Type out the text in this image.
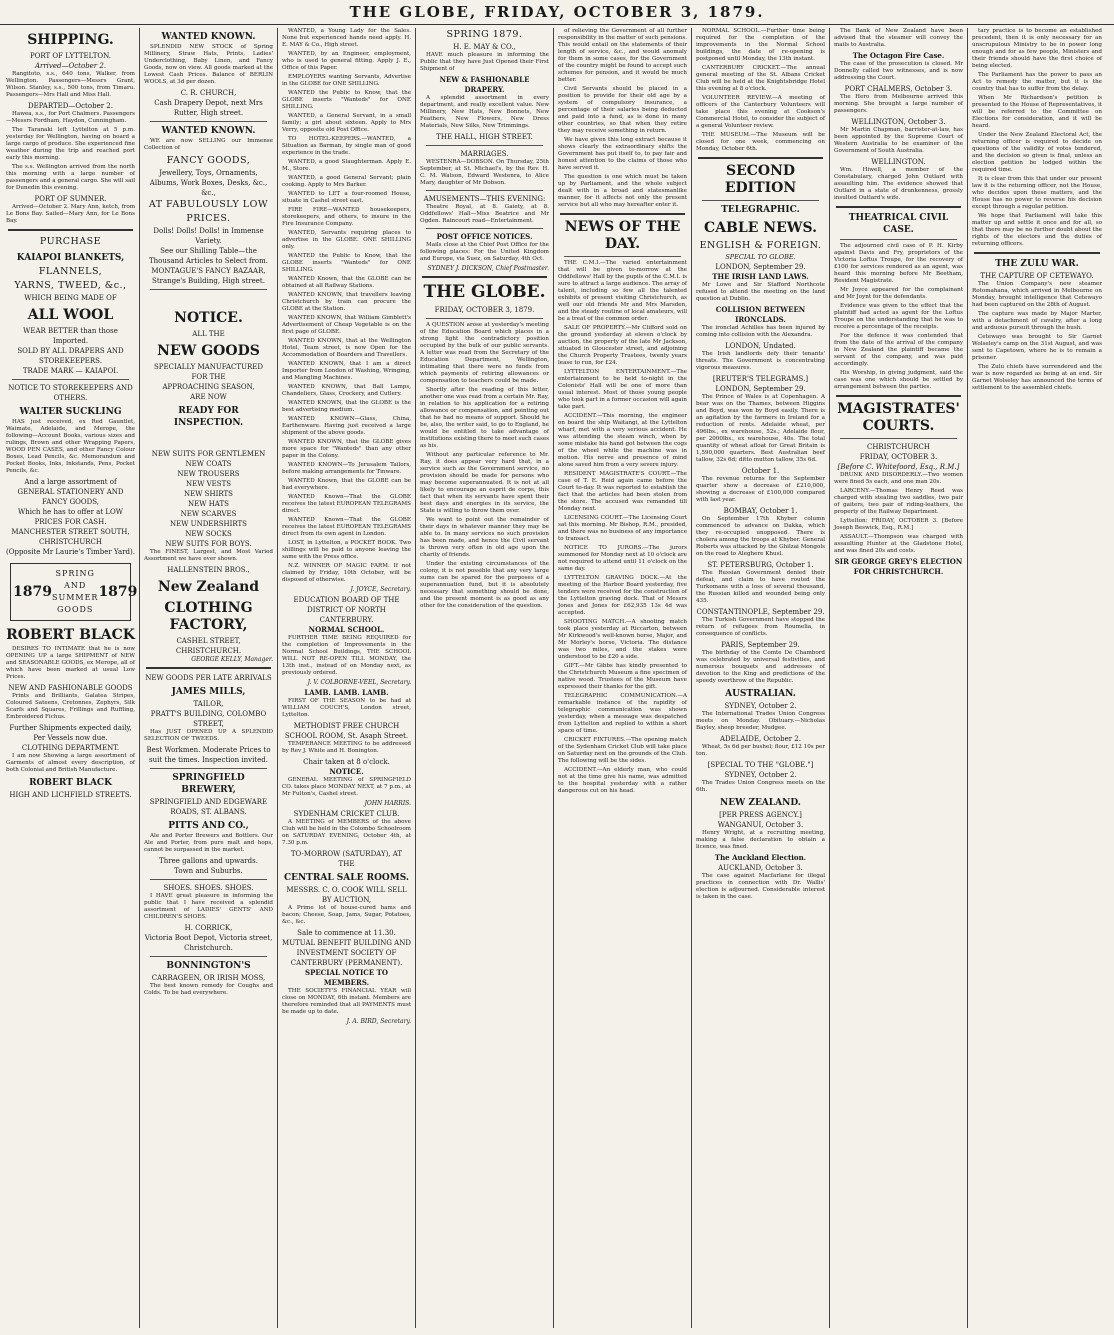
THE GLOBE, FRIDAY, OCTOBER 3, 1879.
SHIPPING.
PORT OF LYTTELTON.
Arrived—October 2.

Rangitoto, s.s., 640 tons, Walker, from Wellington. Passengers—Messrs Grant, Wilson. Stanley, s.s., 500 tons, from Timaru. Passengers—Mrs Hall and Miss Hall.

DEPARTED—October 2.

Hawea, s.s., for Port Chalmers. Passengers—Messrs Fordham, Haydon, Cunningham.

The Taranaki left Lyttelton at 5 p.m. yesterday for Wellington, having on board a large cargo of produce. She experienced fine weather during the trip and reached port early this morning.

The s.s. Wellington arrived from the north this morning with a large number of passengers and a general cargo. She will sail for Dunedin this evening.

PORT OF SUMNER.

Arrived—October 2. Mary Ann, ketch, from Le Bons Bay. Sailed—Mary Ann, for Le Bons Bay.

PURCHASE
KAIAPOI BLANKETS,
FLANNELS,
YARNS, TWEED, &c.,
WHICH BEING MADE OF
ALL WOOL
WEAR BETTER than those Imported.
SOLD BY ALL DRAPERS AND STOREKEEPERS.
TRADE MARK — KAIAPOI.
NOTICE TO STOREKEEPERS AND OTHERS.
WALTER SUCKLING

HAS just received, ex Red Gauntlet, Waimate, Adelaide, and Merope, the following—Account Books, various sizes and rulings, Brown and other Wrapping Papers, WOOD PEN CASES, and other Fancy Colour Boxes, Lead Pencils, &c. Memorandum and Pocket Books, Inks, Inkstands, Pens, Pocket Pencils, &c.

And a large assortment of GENERAL STATIONERY AND FANCY GOODS,
Which he has to offer at LOW PRICES FOR CASH.
MANCHESTER STREET SOUTH,
CHRISTCHURCH
(Opposite Mr Laurie's Timber Yard).
1879
SPRING
AND
SUMMER
GOODS
1879
ROBERT BLACK

DESIRES TO INTIMATE that he is now OPENING UP a large SHIPMENT of NEW and SEASONABLE GOODS, ex Merope, all of which have been marked at usual Low Prices.

NEW AND FASHIONABLE GOODS

Prints and Brilliants, Galatea Stripes, Coloured Sateens, Cretonnes, Zephyrs, Silk Scarfs and Squares, Frillings and Ruffling, Embroidered Fichus.

Further Shipments expected daily, Per Vessels now due.
CLOTHING DEPARTMENT.

I am now Showing a large assortment of Garments of almost every description, of both Colonial and British Manufacture.

ROBERT BLACK
HIGH AND LICHFIELD STREETS.
WANTED KNOWN.

SPLENDID NEW STOCK of Spring Millinery, Straw Hats, Prints, Ladies' Underclothing, Baby Linen, and Fancy Goods, now on view. All goods marked at the Lowest Cash Prices. Balance of BERLIN WOOLS, at 3d per dozen.

C. R. CHURCH,
Cash Drapery Depot, next Mrs Rutter, High street.
WANTED KNOWN.

WE are now SELLING our Immense Collection of

FANCY GOODS,
Jewellery, Toys, Ornaments, Albums, Work Boxes, Desks, &c., &c.,
AT FABULOUSLY LOW PRICES.
Dolls! Dolls! Dolls! in Immense Variety.
See our Shilling Table—the Thousand Articles to Select from.
MONTAGUE'S FANCY BAZAAR,
Strange's Building, High street.
NOTICE.
ALL THE
NEW GOODS
SPECIALLY MANUFACTURED
FOR THE
APPROACHING SEASON,
ARE NOW
READY FOR INSPECTION.
NEW SUITS FOR GENTLEMEN
NEW COATS
NEW TROUSERS
NEW VESTS
NEW SHIRTS
NEW HATS
NEW SCARVES
NEW UNDERSHIRTS
NEW SOCKS
NEW SUITS FOR BOYS.

The FINEST, Largest, and Most Varied Assortment we have ever shown.

HALLENSTEIN BROS.,
New Zealand
CLOTHING FACTORY,
CASHEL STREET, CHRISTCHURCH.
GEORGE KELLY, Manager.
NEW GOODS PER LATE ARRIVALS
JAMES MILLS,
TAILOR,
PRATT'S BUILDING, COLOMBO STREET,

Has JUST OPENED UP A SPLENDID SELECTION OF TWEEDS.

Best Workmen. Moderate Prices to suit the times. Inspection invited.
SPRINGFIELD BREWERY,
SPRINGFIELD AND EDGEWARE ROADS, ST. ALBANS.
PITTS AND CO.,

Ale and Porter Brewers and Bottlers. Our Ale and Porter, from pure malt and hops, cannot be surpassed in the market.

Three gallons and upwards.
Town and Suburbs.
SHOES. SHOES. SHOES.

I HAVE great pleasure in informing the public that I have received a splendid assortment of LADIES' GENTS' AND CHILDREN'S SHOES.

H. CORRICK,
Victoria Boot Depot, Victoria street, Christchurch.
BONNINGTON'S
CARRAGEEN, OR IRISH MOSS,

The best known remedy for Coughs and Colds. To be had everywhere.

WANTED, a Young Lady for the Sales. None but experienced hands need apply. H. E. MAY & Co., High street.

WANTED, by an Engineer, employment, who is used to general fitting. Apply J. E., Office of this Paper.

EMPLOYERS wanting Servants, Advertise in the GLOBE for ONE SHILLING.

WANTED the Public to Know, that the GLOBE inserts "Wanteds" for ONE SHILLING.

WANTED, a General Servant, in a small family; a girl about sixteen. Apply to Mrs Verry, opposite old Post Office.

TO HOTEL-KEEPERS.—WANTED, a Situation as Barman, by single man of good experience in the trade.

WANTED, a good Slaughterman. Apply E. M., Store.

WANTED, a good General Servant; plain cooking. Apply to Mrs Barker.

WANTED to LET a four-roomed House, situate in Cashel street east.

FIRE FIRE—WANTED housekeepers, storekeepers, and others, to insure in the Fire Insurance Company.

WANTED, Servants requiring places to advertise in the GLOBE. ONE SHILLING only.

WANTED the Public to Know, that the GLOBE inserts "Wanteds" for ONE SHILLING.

WANTED Known, that the GLOBE can be obtained at all Railway Stations.

WANTED KNOWN, that travellers leaving Christchurch by train can procure the GLOBE at the Station.

WANTED KNOWN, that William Gimblett's Advertisement of Cheap Vegetable is on the first page of GLOBE.

WANTED KNOWN, that at the Wellington Hotel, Team street, is now Open for the Accommodation of Boarders and Travellers.

WANTED KNOWN, that I am a direct Importer from London of Washing, Wringing, and Mangling Machines.

WANTED KNOWN, that Ball Lamps, Chandeliers, Glass, Crockery, and Cutlery.

WANTED KNOWN, that the GLOBE is the best advertising medium.

WANTED KNOWN—Glass, China, Earthenware. Having just received a large shipment of the above goods.

WANTED KNOWN, that the GLOBE gives more space for "Wanteds" than any other paper in the Colony.

WANTED KNOWN—To Jerusalem Tailors, before making arrangements for Tinware.

WANTED Known, that the GLOBE can be had everywhere.

WANTED Known—That the GLOBE receives the latest EUROPEAN TELEGRAMS direct.

WANTED Known—That the GLOBE receives the latest EUROPEAN TELEGRAMS direct from its own agent in London.

LOST, in Lyttelton, a POCKET BOOK. Two shillings will be paid to anyone leaving the same with the Press office.

N.Z. WINNER OF MAGIC FARM. If not claimed by Friday, 10th October, will be disposed of otherwise.

J. JOYCE, Secretary.
EDUCATION BOARD OF THE DISTRICT OF NORTH CANTERBURY.
NORMAL SCHOOL.

FURTHER TIME BEING REQUIRED for the completion of Improvements in the Normal School Buildings, THE SCHOOL WILL NOT RE-OPEN TILL MONDAY, the 13th inst., instead of on Monday next, as previously ordered.

J. V. COLBORNE-VEEL, Secretary.
LAMB. LAMB. LAMB.

FIRST OF THE SEASON to be had at WILLIAM COUCH'S, London street, Lyttelton.

METHODIST FREE CHURCH SCHOOL ROOM, St. Asaph Street.

TEMPERANCE MEETING to be addressed by Rev J. White and H. Bonington.

Chair taken at 8 o'clock.
NOTICE.

GENERAL MEETING of SPRINGFIELD CO. takes place MONDAY NEXT, at 7 p.m., at Mr Fulton's, Cashel street.

JOHN HARRIS.
SYDENHAM CRICKET CLUB.

A MEETING of MEMBERS of the above Club will be held in the Colombo Schoolroom on SATURDAY EVENING, October 4th, at 7.30 p.m.

TO-MORROW (SATURDAY), AT THE
CENTRAL SALE ROOMS.
MESSRS. C. O. COOK WILL SELL BY AUCTION,

A Prime lot of house-cured hams and bacon; Cheese, Soap, Jams, Sugar, Potatoes, &c., &c.

Sale to commence at 11.30.
MUTUAL BENEFIT BUILDING AND INVESTMENT SOCIETY OF CANTERBURY (PERMANENT).
SPECIAL NOTICE TO MEMBERS.

THE SOCIETY'S FINANCIAL YEAR will close on MONDAY, 6th instant. Members are therefore reminded that all PAYMENTS must be made up to date.

J. A. BIRD, Secretary.
SPRING 1879.
H. E. MAY & CO.,

HAVE much pleasure in informing the Public that they have Just Opened their First Shipment of

NEW & FASHIONABLE DRAPERY.

A splendid assortment in every department, and really excellent value. New Millinery, New Hats, New Bonnets, New Feathers, New Flowers, New Dress Materials, New Silks, New Trimmings.

THE HALL, HIGH STREET.
MARRIAGES.

WESTENRA—DOBSON. On Thursday, 25th September, at St. Michael's, by the Rev. H. C. M. Watson, Edward Westenra, to Alice Mary, daughter of Mr Dobson.

AMUSEMENTS—THIS EVENING:

Theatre Royal, at 8. Gaiety, at 8. Oddfellows' Hall—Miss Beatrice and Mr Ogden. Raincourt road—Entertainment.

POST OFFICE NOTICES.

Mails close at the Chief Post Office for the following places: For the United Kingdom and Europe, via Suez, on Saturday, 4th Oct.

SYDNEY J. DICKSON, Chief Postmaster.
THE GLOBE.
FRIDAY, OCTOBER 3, 1879.

A QUESTION arose at yesterday's meeting of the Education Board which places in a strong light the contradictory position occupied by the bulk of our public servants. A letter was read from the Secretary of the Education Department, Wellington, intimating that there were no funds from which payments of retiring allowances or compensation to teachers could be made.

Shortly after the reading of this letter, another one was read from a certain Mr. Ray, in relation to his application for a retiring allowance or compensation, and pointing out that he had no means of support. Should he be, also, the writer said, to go to England, he would be entitled to take advantage of institutions existing there to meet such cases as his.

Without any particular reference to Mr. Ray, it does appear very hard that, in a service such as the Government service, no provision should be made for persons who may become superannuated. It is not at all likely to encourage an esprit de corps, this fact that when its servants have spent their best days and energies in its service, the State is willing to throw them over.

We want to point out the remainder of their days in whatever manner they may be able to. In many services no such provision has been made, and hence the Civil servant is thrown very often in old age upon the charity of friends.

Under the existing circumstances of the colony, it is not possible that any very large sums can be spared for the purposes of a superannuation fund, but it is absolutely necessary that something should be done, and the present moment is as good as any other for the consideration of the question.

of relieving the Government of all further responsibility in the matter of such pensions. This would entail on the statements of their length of service, &c., and would anomaly for them in some cases, for the Government of the country might be found to accept such schemes for pension, and it would be much better.

Civil Servants should be placed in a position to provide for their old age by a system of compulsory insurance, a percentage of their salaries being deducted and paid into a fund, as is done in many other countries, so that when they retire they may receive something in return.

We have given this long extract because it shows clearly the extraordinary shifts the Government has put itself to, to pay fair and honest attention to the claims of those who have served it.

The question is one which must be taken up by Parliament, and the whole subject dealt with in a broad and statesmanlike manner, for it affects not only the present service but all who may hereafter enter it.

NEWS OF THE DAY.

THE C.M.I.—The varied entertainment that will be given to-morrow at the Oddfellows' Hall by the pupils of the C.M.I. is sure to attract a large audience. The array of talent, including so few all the talented exhibits of present visiting Christchurch, as well our old friends Mr and Mrs Marsden, and the steady routine of local amateurs, will be a treat of the common order.

SALE OF PROPERTY.—Mr Clifford sold on the ground yesterday at eleven o'clock by auction, the property of the late Mr Jackson, situated in Gloucester street, and adjoining the Church Property Trustees, twenty years lease to run, for £24.

LYTTELTON ENTERTAINMENT.—The entertainment to be held to-night in the Colonists' Hall will be one of more than usual interest. Most of those young people who took part in a former occasion will again take part.

ACCIDENT.—This morning, the engineer on board the ship Waitangi, at the Lyttelton wharf, met with a very serious accident. He was attending the steam winch, when by some mistake his hand got between the cogs of the wheel while the machine was in motion. His nerve and presence of mind alone saved him from a very severe injury.

RESIDENT MAGISTRATE'S COURT.—The case of T. E. Reid again came before the Court to-day. It was reported to establish the fact that the articles had been stolen from the store. The accused was remanded till Monday next.

LICENSING COURT.—The Licensing Court sat this morning. Mr Bishop, R.M., presided, and there was no business of any importance to transact.

NOTICE TO JURORS.—The jurors summoned for Monday next at 10 o'clock are not required to attend until 11 o'clock on the same day.

LYTTELTON GRAVING DOCK.—At the meeting of the Harbor Board yesterday, five tenders were received for the construction of the Lyttelton graving dock. That of Messrs Jones and Jones for £62,935 13s 4d was accepted.

SHOOTING MATCH.—A shooting match took place yesterday at Riccarton, between Mr Kirkwood's well-known horse, Major, and Mr Morley's horse, Victoria. The distance was two miles, and the stakes were understood to be £20 a side.

GIFT.—Mr Gibbs has kindly presented to the Christchurch Museum a fine specimen of native wood. Trustees of the Museum have expressed their thanks for the gift.

TELEGRAPHIC COMMUNICATION.—A remarkable instance of the rapidity of telegraphic communication was shown yesterday, when a message was despatched from Lyttelton and replied to within a short space of time.

CRICKET FIXTURES.—The opening match of the Sydenham Cricket Club will take place on Saturday next on the grounds of the Club. The following will be the sides.

ACCIDENT.—An elderly man, who could not at the time give his name, was admitted to the hospital yesterday with a rather dangerous cut on his head.

NORMAL SCHOOL.—Further time being required for the completion of the improvements in the Normal School buildings, the date of re-opening is postponed until Monday, the 13th instant.

CANTERBURY CRICKET.—The annual general meeting of the St. Albans Cricket Club will be held at the Knightsbridge Hotel this evening at 8 o'clock.

VOLUNTEER REVIEW.—A meeting of officers of the Canterbury Volunteers will take place this evening at Cookson's Commercial Hotel, to consider the subject of a general Volunteer review.

THE MUSEUM.—The Museum will be closed for one week, commencing on Monday, October 6th.

SECOND EDITION
TELEGRAPHIC.
CABLE NEWS.
ENGLISH & FOREIGN.
SPECIAL TO GLOBE.
LONDON, September 29.
THE IRISH LAND LAWS.

Mr Lowe and Sir Stafford Northcote refused to attend the meeting on the land question at Dublin.

COLLISION BETWEEN IRONCLADS.

The ironclad Achilles has been injured by coming into collision with the Alexandra.

LONDON, Undated.

The Irish landlords defy their tenants' threats. The Government is concentrating vigorous measures.

[REUTER'S TELEGRAMS.]
LONDON, September 29.

The Prince of Wales is at Copenhagen. A bear was on the Thames, between Higgins and Boyd, was won by Boyd easily. There is an agitation by the farmers in Ireland for a reduction of rents. Adelaide wheat, per 496lbs., ex warehouse, 52s.; Adelaide flour, per 2000lbs., ex warehouse, 40s. The total quantity of wheat afloat for Great Britain is 1,590,000 quarters. Best Australian beef tallow, 32s 6d; ditto mutton tallow, 35s 6d.

October 1.

The revenue returns for the September quarter show a decrease of £210,000, showing a decrease of £100,000 compared with last year.

BOMBAY, October 1.

On September 17th Khyber column commenced to advance on Dakka, which they re-occupied unopposed. There is cholera among the troops at Khyber. General Roberts was attacked by the Ghilzai Mongols on the road to Aleghere Khusl.

ST. PETERSBURG, October 1.

The Russian Government denied their defeat, and claim to have routed the Turkomans with a loss of several thousand, the Russian killed and wounded being only 435.

CONSTANTINOPLE, September 29.

The Turkish Government have stopped the return of refugees from Roumelia, in consequence of conflicts.

PARIS, September 29.

The birthday of the Comte De Chambord was celebrated by universal festivities, and numerous bouquets and addresses of devotion to the King and predictions of the speedy overthrow of the Republic.

AUSTRALIAN.
SYDNEY, October 2.

The International Trades Union Congress meets on Monday. Obituary.—Nicholas Bayley, sheep breeder, Mudgee.

ADELAIDE, October 2.

Wheat, 5s 6d per bushel; flour, £12 10s per ton.

[SPECIAL TO THE "GLOBE."]
SYDNEY, October 2.

The Trades Union Congress meets on the 6th.

NEW ZEALAND.
[PER PRESS AGENCY.]
WANGANUI, October 3.

Henry Wright, at a recruiting meeting, making a false declaration to obtain a licence, was fined.

The Auckland Election.
AUCKLAND, October 3.

The case against Macfarlane for illegal practices in connection with Dr. Wallis' election is adjourned. Considerable interest is taken in the case.

The Bank of New Zealand have been advised that the steamer will convey the mails to Australia.

The Octagon Fire Case.

The case of the prosecution is closed. Mr Donnelly called two witnesses, and is now addressing the Court.

PORT CHALMERS, October 3.

The Hero from Melbourne arrived this morning. She brought a large number of passengers.

WELLINGTON, October 3.

Mr Martin Chapman, barrister-at-law, has been appointed by the Supreme Court of Western Australia to be examiner of the Government of South Australia.

WELLINGTON.

Wm. Hiwell, a member of the Constabulary, charged John Outlard with assaulting him. The evidence showed that Outlard in a state of drunkenness, grossly insulted Outlard's wife.

THEATRICAL CIVIL CASE.

The adjourned civil case of P. H. Kirby against Davis and Fry, proprietors of the Victoria Loftus Troupe, for the recovery of £100 for services rendered as an agent, was heard this morning before Mr Beetham, Resident Magistrate.

Mr Joyce appeared for the complainant and Mr Joynt for the defendants.

Evidence was given to the effect that the plaintiff had acted as agent for the Loftus Troupe on the understanding that he was to receive a percentage of the receipts.

For the defence it was contended that from the date of the arrival of the company in New Zealand the plaintiff became the servant of the company, and was paid accordingly.

His Worship, in giving judgment, said the case was one which should be settled by arrangement between the parties.

MAGISTRATES' COURTS.
CHRISTCHURCH
FRIDAY, OCTOBER 3.
[Before C. Whitefoord, Esq., R.M.]

DRUNK AND DISORDERLY.—Two women were fined 5s each, and one man 20s.

LARCENY.—Thomas Henry Reed was charged with stealing two saddles, two pair of gaiters, two pair of riding-leathers, the property of the Railway Department.

Lyttelton: FRIDAY, OCTOBER 3. [Before Joseph Beswick, Esq., R.M.]

ASSAULT.—Thompson was charged with assaulting Hunter at the Gladstone Hotel, and was fined 20s and costs.

SIR GEORGE GREY'S ELECTION FOR CHRISTCHURCH.

tary practice is to become an established precedent, then it is only necessary for an unscrupulous Ministry to be in power long enough and for as few people, Ministers and their friends should have the first choice of being elected.

The Parliament has the power to pass an Act to remedy the matter, but it is the country that has to suffer from the delay.

When Mr Richardson's petition is presented to the House of Representatives, it will be referred to the Committee on Elections for consideration, and it will be heard.

Under the New Zealand Electoral Act, the returning officer is required to decide on questions of the validity of votes tendered, and the decision so given is final, unless an election petition be lodged within the required time.

It is clear from this that under our present law it is the returning officer, not the House, who decides upon these matters, and the House has no power to reverse his decision except through a regular petition.

We hope that Parliament will take this matter up and settle it once and for all, so that there may be no further doubt about the rights of the electors and the duties of returning officers.

THE ZULU WAR.
THE CAPTURE OF CETEWAYO.

The Union Company's new steamer Rotomahana, which arrived in Melbourne on Monday, brought intelligence that Cetewayo had been captured on the 28th of August.

The capture was made by Major Marter, with a detachment of cavalry, after a long and arduous pursuit through the bush.

Cetewayo was brought to Sir Garnet Wolseley's camp on the 31st August, and was sent to Capetown, where he is to remain a prisoner.

The Zulu chiefs have surrendered and the war is now regarded as being at an end. Sir Garnet Wolseley has announced the terms of settlement to the assembled chiefs.
